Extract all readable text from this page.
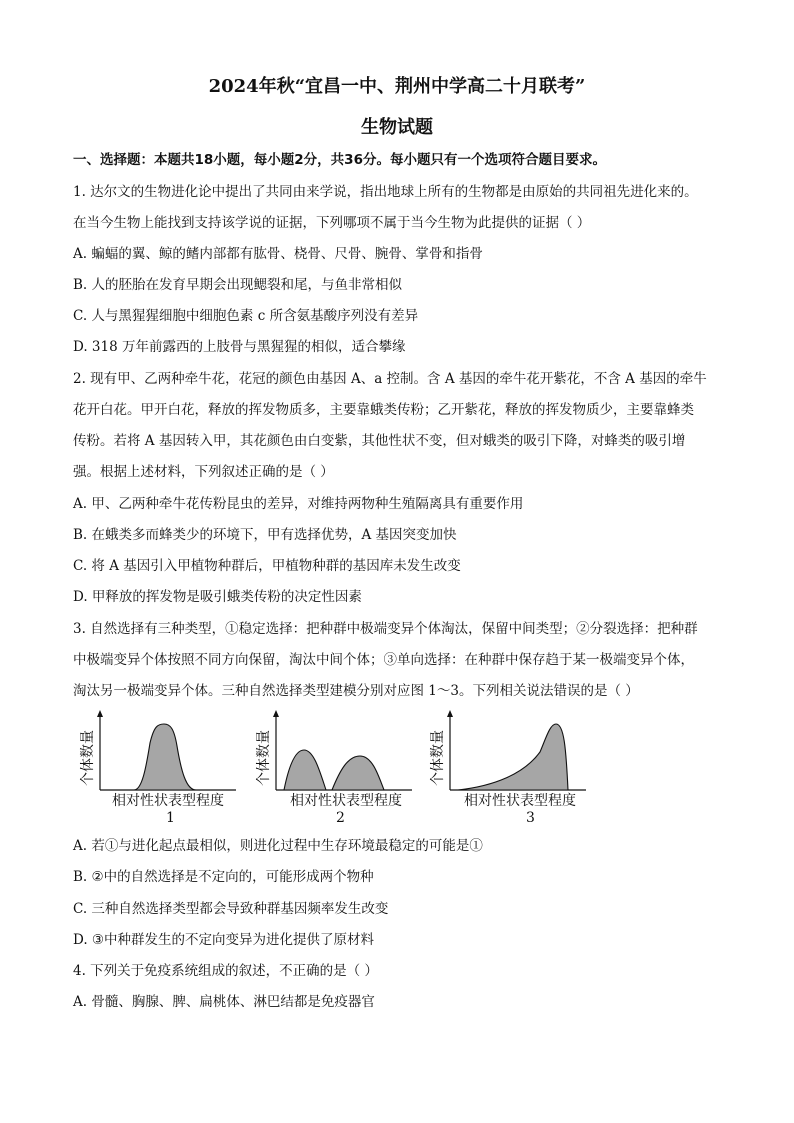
2024年秋“宜昌一中、荆州中学高二十月联考”
生物试题
一、选择题：本题共18小题，每小题2分，共36分。每小题只有一个选项符合题目要求。
1. 达尔文的生物进化论中提出了共同由来学说，指出地球上所有的生物都是由原始的共同祖先进化来的。
在当今生物上能找到支持该学说的证据，下列哪项不属于当今生物为此提供的证据（ ）
A. 蝙蝠的翼、鲸的鳍内部都有肱骨、桡骨、尺骨、腕骨、掌骨和指骨
B. 人的胚胎在发育早期会出现鳃裂和尾，与鱼非常相似
C. 人与黑猩猩细胞中细胞色素 c 所含氨基酸序列没有差异
D. 318 万年前露西的上肢骨与黑猩猩的相似，适合攀缘
2. 现有甲、乙两种牵牛花，花冠的颜色由基因 A、a 控制。含 A 基因的牵牛花开紫花，不含 A 基因的牵牛
花开白花。甲开白花，释放的挥发物质多，主要靠蛾类传粉；乙开紫花，释放的挥发物质少，主要靠蜂类
传粉。若将 A 基因转入甲，其花颜色由白变紫，其他性状不变，但对蛾类的吸引下降，对蜂类的吸引增
强。根据上述材料，下列叙述正确的是（ ）
A. 甲、乙两种牵牛花传粉昆虫的差异，对维持两物种生殖隔离具有重要作用
B. 在蛾类多而蜂类少的环境下，甲有选择优势，A 基因突变加快
C. 将 A 基因引入甲植物种群后，甲植物种群的基因库未发生改变
D. 甲释放的挥发物是吸引蛾类传粉的决定性因素
3. 自然选择有三种类型，①稳定选择：把种群中极端变异个体淘汰，保留中间类型；②分裂选择：把种群
中极端变异个体按照不同方向保留，淘汰中间个体；③单向选择：在种群中保存趋于某一极端变异个体，
淘汰另一极端变异个体。三种自然选择类型建模分别对应图 1～3。下列相关说法错误的是（ ）
个体数量
相对性状表型程度
1
个体数量
相对性状表型程度
2
个体数量
相对性状表型程度
3
A. 若①与进化起点最相似，则进化过程中生存环境最稳定的可能是①
B. ②中的自然选择是不定向的，可能形成两个物种
C. 三种自然选择类型都会导致种群基因频率发生改变
D. ③中种群发生的不定向变异为进化提供了原材料
4. 下列关于免疫系统组成的叙述，不正确的是（ ）
A. 骨髓、胸腺、脾、扁桃体、淋巴结都是免疫器官
